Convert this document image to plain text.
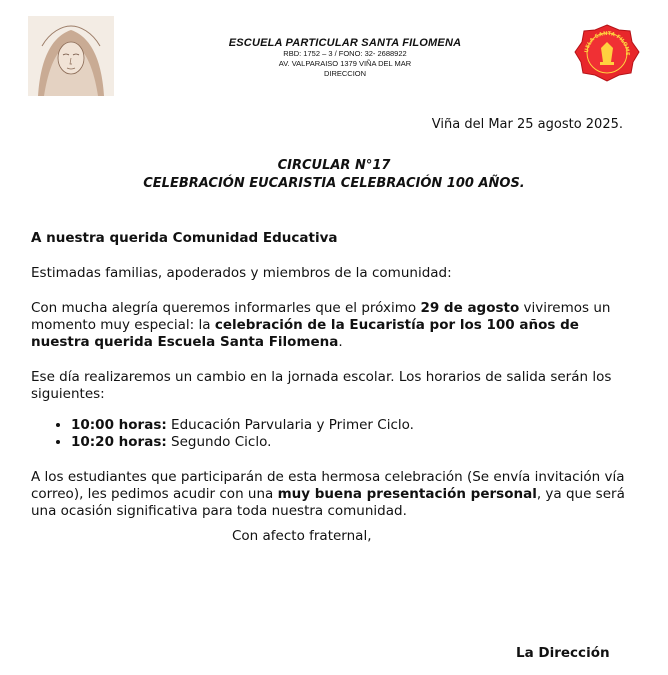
ESCUELA PARTICULAR SANTA FILOMENA
RBD: 1752 – 3 / FONO: 32- 2688922
AV. VALPARAISO 1379 VIÑA DEL MAR
DIRECCION
UELA SANTA FILOME
Viña del Mar 25 agosto 2025.
CIRCULAR N°17
CELEBRACIÓN EUCARISTIA CELEBRACIÓN 100 AÑOS.

A nuestra querida Comunidad Educativa

Estimadas familias, apoderados y miembros de la comunidad:

Con mucha alegría queremos informarles que el próximo 29 de agosto viviremos un momento muy especial: la celebración de la Eucaristía por los 100 años de nuestra querida Escuela Santa Filomena.

Ese día realizaremos un cambio en la jornada escolar. Los horarios de salida serán los siguientes:

• 10:00 horas: Educación Parvularia y Primer Ciclo.
• 10:20 horas: Segundo Ciclo.

A los estudiantes que participarán de esta hermosa celebración (Se envía invitación vía correo), les pedimos acudir con una muy buena presentación personal, ya que será una ocasión significativa para toda nuestra comunidad.

Con afecto fraternal,
La Dirección
